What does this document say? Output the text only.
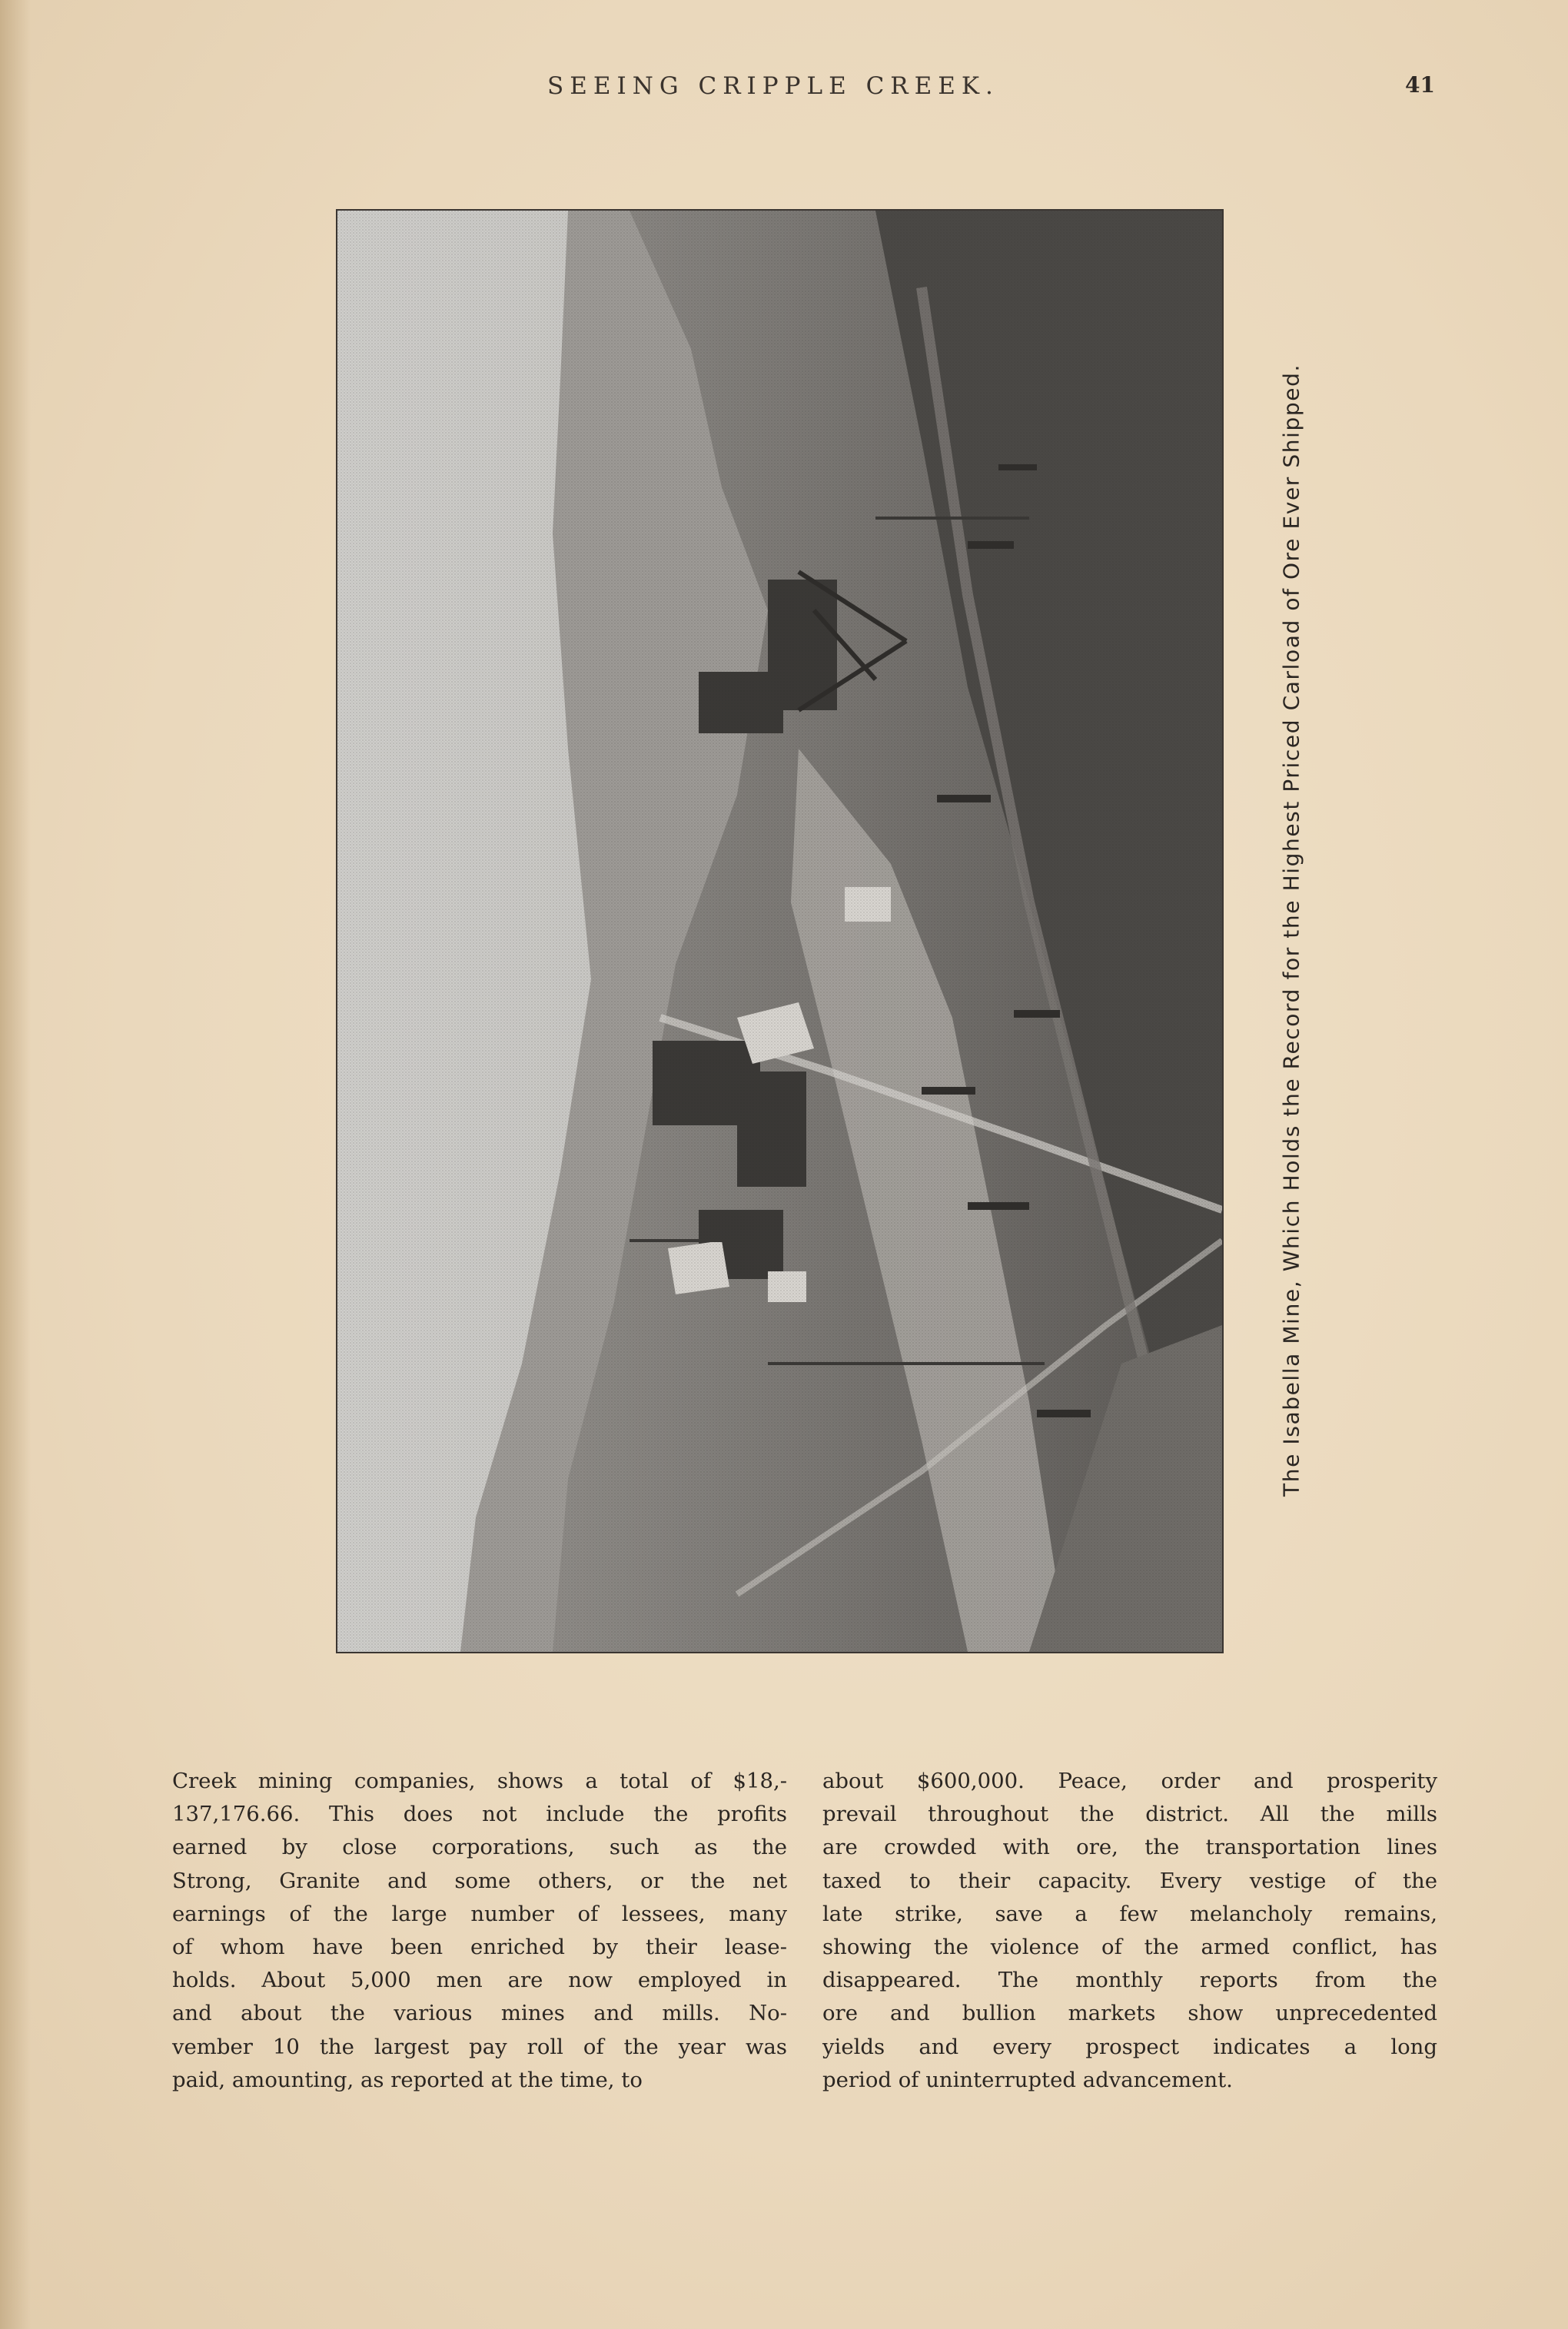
SEEING CRIPPLE CREEK.	41
The Isabella Mine, Which Holds the Record for the Highest Priced Carload of Ore Ever Shipped.
Creek mining companies, shows a total of $18,-
137,176.66. This does not include the profits
earned by close corporations, such as the
Strong, Granite and some others, or the net
earnings of the large number of lessees, many
of whom have been enriched by their lease-
holds. About 5,000 men are now employed in
and about the various mines and mills. No-
vember 10 the largest pay roll of the year was
paid, amounting, as reported at the time, to
about $600,000. Peace, order and prosperity
prevail throughout the district. All the mills
are crowded with ore, the transportation lines
taxed to their capacity. Every vestige of the
late strike, save a few melancholy remains,
showing the violence of the armed conflict, has
disappeared. The monthly reports from the
ore and bullion markets show unprecedented
yields and every prospect indicates a long
period of uninterrupted advancement.
